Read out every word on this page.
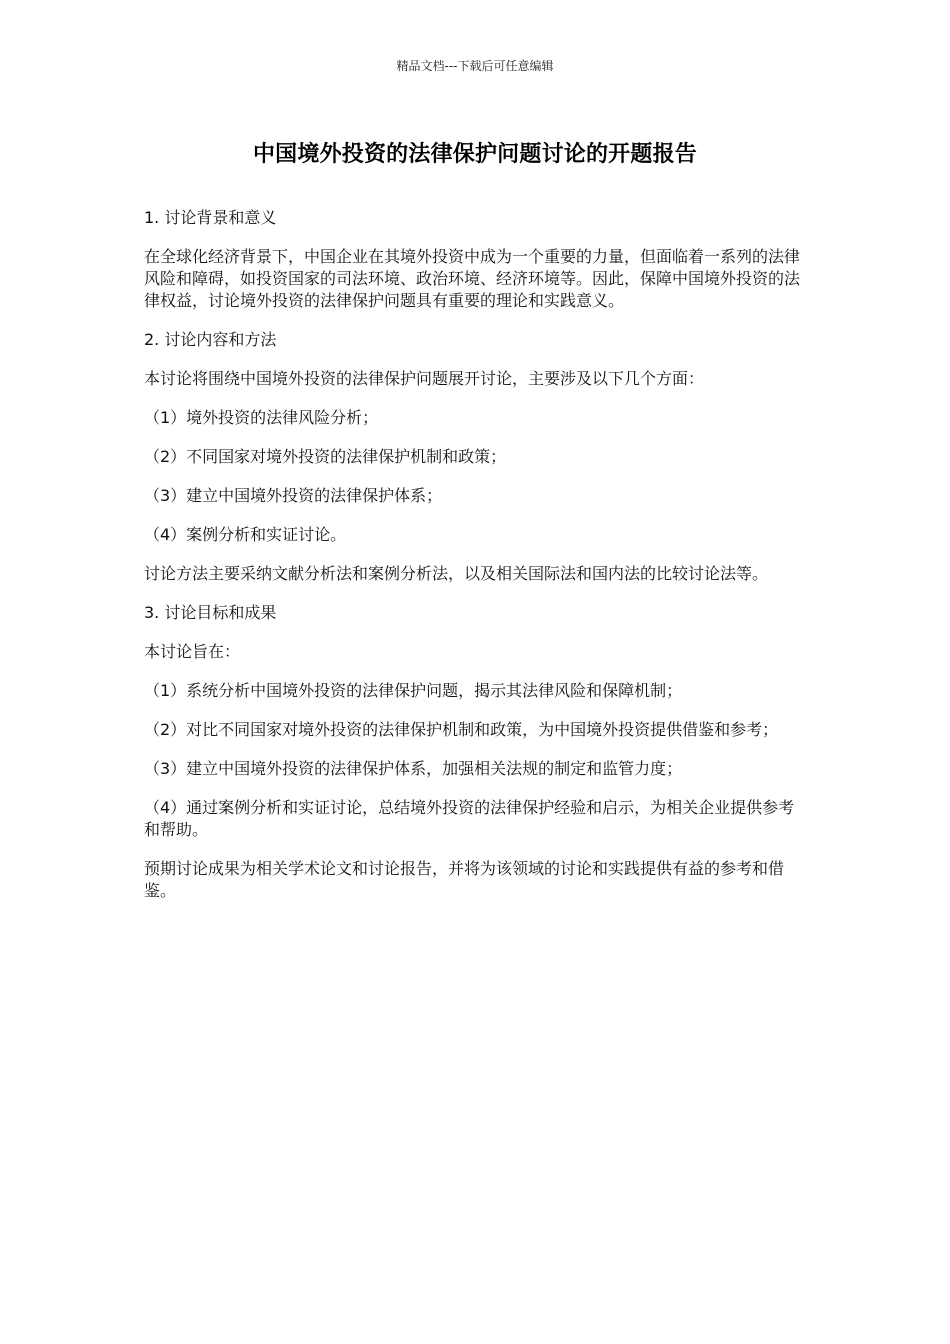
精品文档---下载后可任意编辑
中国境外投资的法律保护问题讨论的开题报告

1. 讨论背景和意义

在全球化经济背景下，中国企业在其境外投资中成为一个重要的力量，但面临着一系列的法律风险和障碍，如投资国家的司法环境、政治环境、经济环境等。因此，保障中国境外投资的法律权益，讨论境外投资的法律保护问题具有重要的理论和实践意义。

2. 讨论内容和方法

本讨论将围绕中国境外投资的法律保护问题展开讨论，主要涉及以下几个方面：

（1）境外投资的法律风险分析；

（2）不同国家对境外投资的法律保护机制和政策；

（3）建立中国境外投资的法律保护体系；

（4）案例分析和实证讨论。

讨论方法主要采纳文献分析法和案例分析法，以及相关国际法和国内法的比较讨论法等。

3. 讨论目标和成果

本讨论旨在：

（1）系统分析中国境外投资的法律保护问题，揭示其法律风险和保障机制；

（2）对比不同国家对境外投资的法律保护机制和政策，为中国境外投资提供借鉴和参考；

（3）建立中国境外投资的法律保护体系，加强相关法规的制定和监管力度；

（4）通过案例分析和实证讨论，总结境外投资的法律保护经验和启示，为相关企业提供参考和帮助。

预期讨论成果为相关学术论文和讨论报告，并将为该领域的讨论和实践提供有益的参考和借鉴。
